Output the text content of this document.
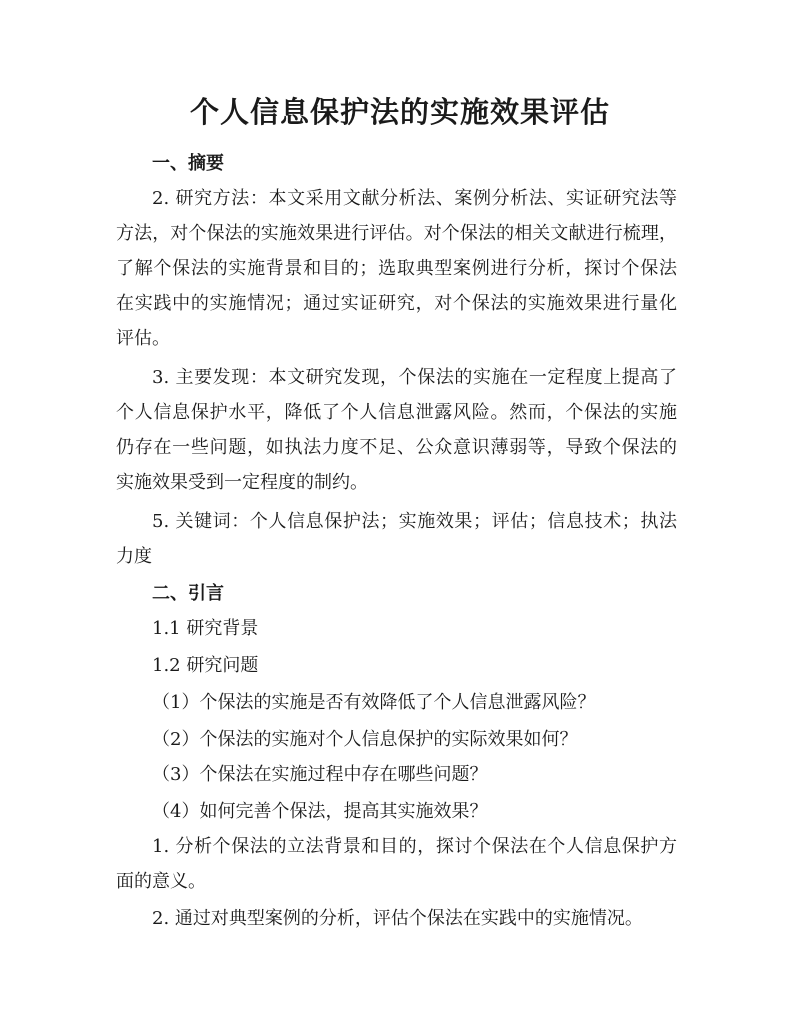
个人信息保护法的实施效果评估

一、摘要

2. 研究方法：本文采用文献分析法、案例分析法、实证研究法等

方法，对个保法的实施效果进行评估。对个保法的相关文献进行梳理，

了解个保法的实施背景和目的；选取典型案例进行分析，探讨个保法

在实践中的实施情况；通过实证研究，对个保法的实施效果进行量化

评估。

3. 主要发现：本文研究发现，个保法的实施在一定程度上提高了

个人信息保护水平，降低了个人信息泄露风险。然而，个保法的实施

仍存在一些问题，如执法力度不足、公众意识薄弱等，导致个保法的

实施效果受到一定程度的制约。

5. 关键词：个人信息保护法；实施效果；评估；信息技术；执法

力度

二、引言

1.1 研究背景

1.2 研究问题

（1）个保法的实施是否有效降低了个人信息泄露风险？

（2）个保法的实施对个人信息保护的实际效果如何？

（3）个保法在实施过程中存在哪些问题？

（4）如何完善个保法，提高其实施效果？

1. 分析个保法的立法背景和目的，探讨个保法在个人信息保护方

面的意义。

2. 通过对典型案例的分析，评估个保法在实践中的实施情况。
